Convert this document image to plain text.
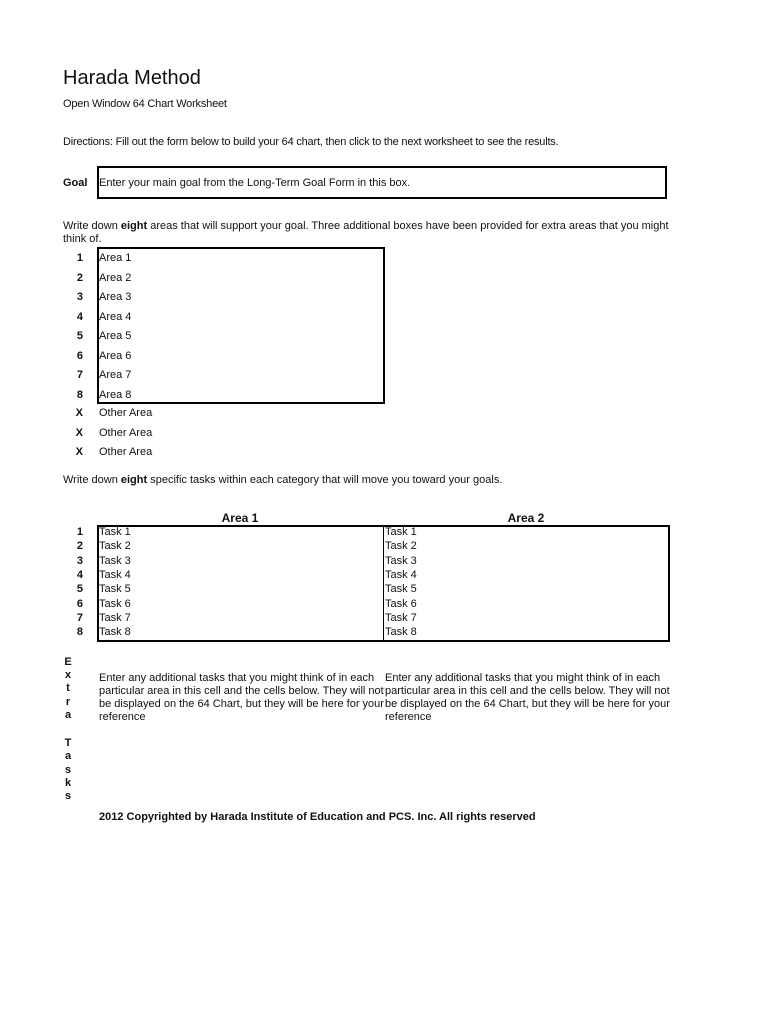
Harada Method
Open Window 64 Chart Worksheet
Directions: Fill out the form below to build your 64 chart, then click to the next worksheet to see the results.
Goal Enter your main goal from the Long-Term Goal Form in this box.
Write down eight areas that will support your goal. Three additional boxes have been provided for extra areas that you might think of.
1 Area 1
2 Area 2
3 Area 3
4 Area 4
5 Area 5
6 Area 6
7 Area 7
8 Area 8
X Other Area
X Other Area
X Other Area
Write down eight specific tasks within each category that will move you toward your goals.
Area 1	Area 2
1
2
3
4
5
6
7
8
Task 1
Task 2
Task 3
Task 4
Task 5
Task 6
Task 7
Task 8
Task 1
Task 2
Task 3
Task 4
Task 5
Task 6
Task 7
Task 8
E
x
t
r
a
T
a
s
k
s
Enter any additional tasks that you might think of in each particular area in this cell and the cells below. They will not be displayed on the 64 Chart, but they will be here for your reference
Enter any additional tasks that you might think of in each particular area in this cell and the cells below. They will not be displayed on the 64 Chart, but they will be here for your reference
2012 Copyrighted by Harada Institute of Education and PCS. Inc. All rights reserved
